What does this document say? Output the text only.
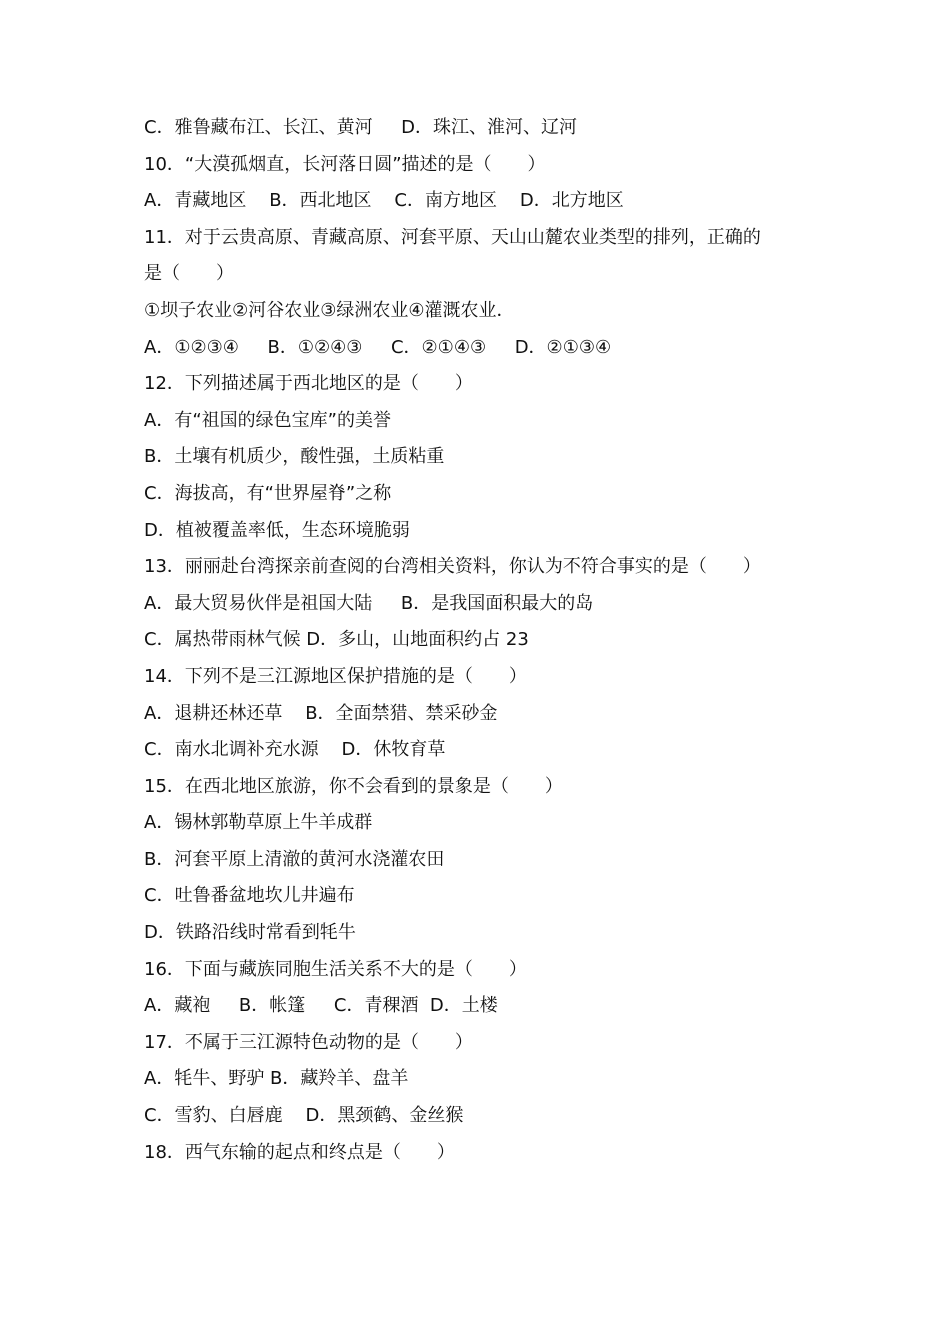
C．雅鲁藏布江、长江、黄河     D．珠江、淮河、辽河
10．“大漠孤烟直，长河落日圆”描述的是（　　）
A．青藏地区    B．西北地区    C．南方地区    D．北方地区
11．对于云贵高原、青藏高原、河套平原、天山山麓农业类型的排列，正确的
是（　　）
①坝子农业②河谷农业③绿洲农业④灌溉农业．
A．①②③④     B．①②④③     C．②①④③     D．②①③④
12．下列描述属于西北地区的是（　　）
A．有“祖国的绿色宝库”的美誉
B．土壤有机质少，酸性强，土质粘重
C．海拔高，有“世界屋脊”之称
D．植被覆盖率低，生态环境脆弱
13．丽丽赴台湾探亲前查阅的台湾相关资料，你认为不符合事实的是（　　）
A．最大贸易伙伴是祖国大陆     B．是我国面积最大的岛
C．属热带雨林气候 D．多山，山地面积约占 23
14．下列不是三江源地区保护措施的是（　　）
A．退耕还林还草    B．全面禁猎、禁采砂金
C．南水北调补充水源    D．休牧育草
15．在西北地区旅游，你不会看到的景象是（　　）
A．锡林郭勒草原上牛羊成群
B．河套平原上清澈的黄河水浇灌农田
C．吐鲁番盆地坎儿井遍布
D．铁路沿线时常看到牦牛
16．下面与藏族同胞生活关系不大的是（　　）
A．藏袍     B．帐篷     C．青稞酒  D．土楼
17．不属于三江源特色动物的是（　　）
A．牦牛、野驴 B．藏羚羊、盘羊
C．雪豹、白唇鹿    D．黑颈鹤、金丝猴
18．西气东输的起点和终点是（　　）
